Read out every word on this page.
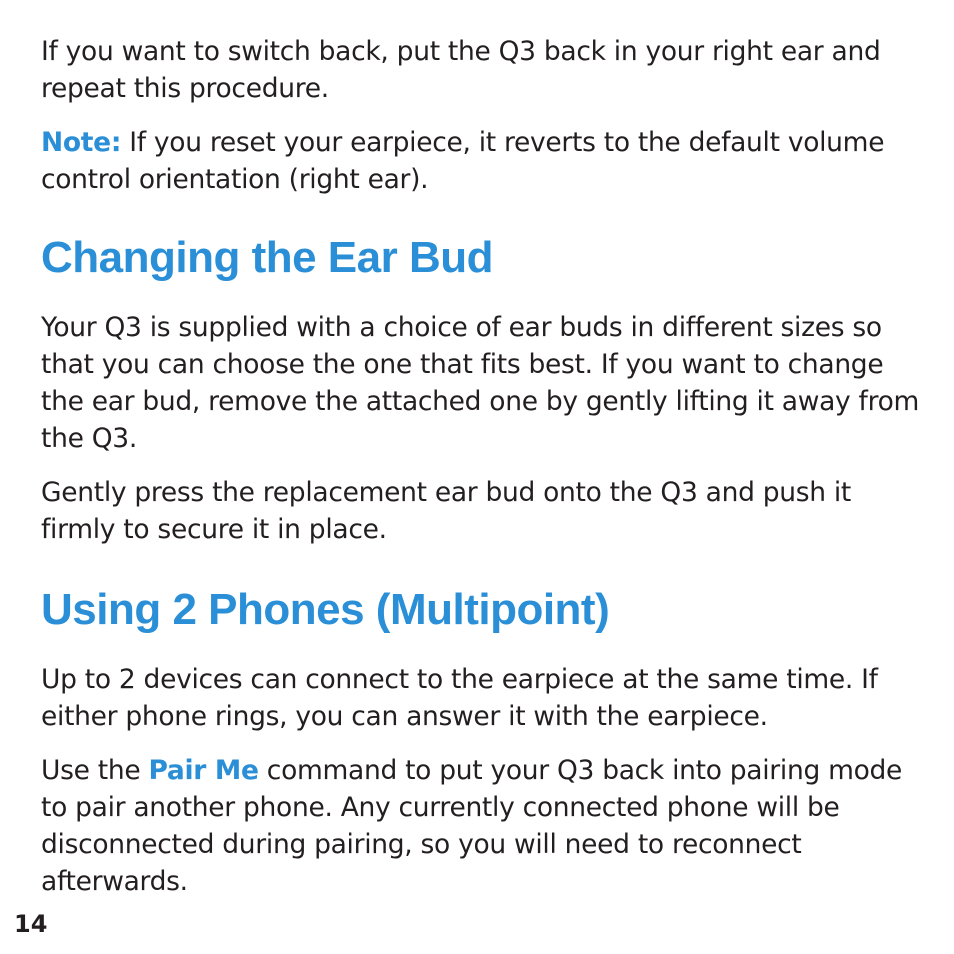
If you want to switch back, put the Q3 back in your right ear and repeat this procedure.

Note: If you reset your earpiece, it reverts to the default volume control orientation (right ear).

Changing the Ear Bud

Your Q3 is supplied with a choice of ear buds in different sizes so that you can choose the one that fits best. If you want to change the ear bud, remove the attached one by gently lifting it away from the Q3.

Gently press the replacement ear bud onto the Q3 and push it firmly to secure it in place.

Using 2 Phones (Multipoint)

Up to 2 devices can connect to the earpiece at the same time. If either phone rings, you can answer it with the earpiece.

Use the Pair Me command to put your Q3 back into pairing mode to pair another phone. Any currently connected phone will be disconnected during pairing, so you will need to reconnect afterwards.

14
